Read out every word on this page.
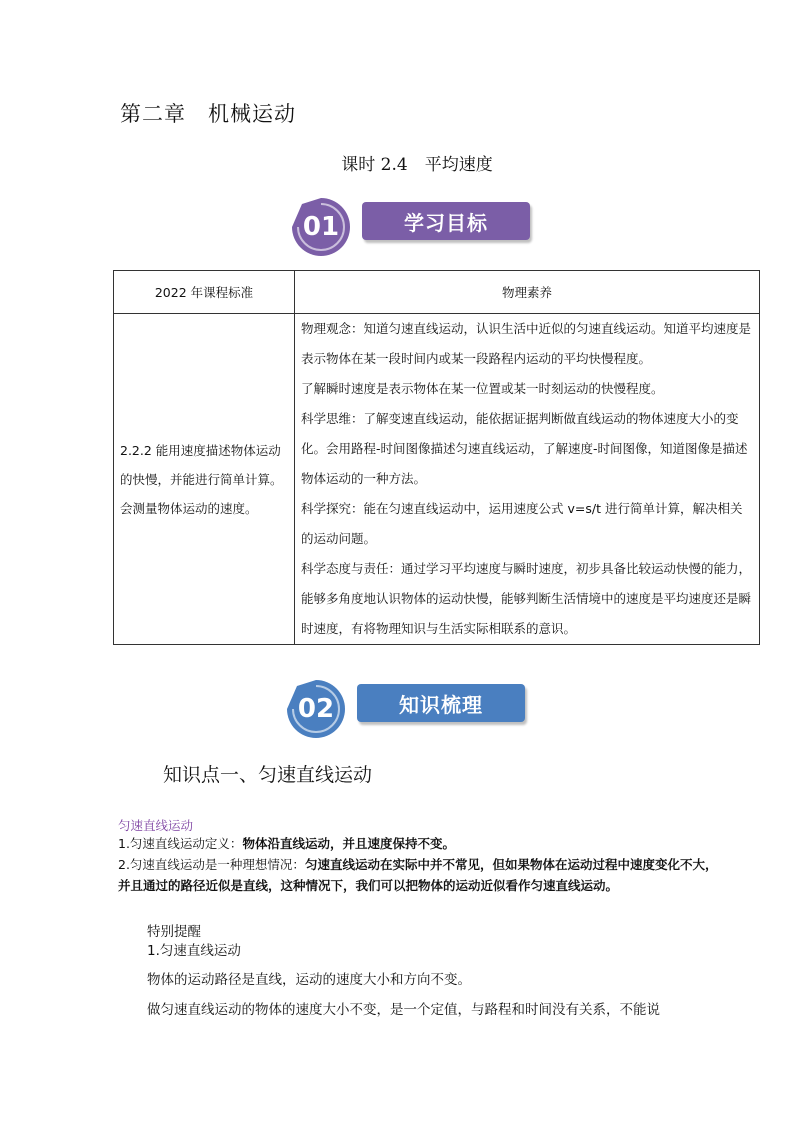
第二章　机械运动
课时 2.4　平均速度
01	学习目标
2022 年课程标准	物理素养
2.2.2 能用速度描述物体运动的快慢，并能进行简单计算。会测量物体运动的速度。	物理观念：知道匀速直线运动，认识生活中近似的匀速直线运动。知道平均速度是表示物体在某一段时间内或某一段路程内运动的平均快慢程度。

了解瞬时速度是表示物体在某一位置或某一时刻运动的快慢程度。

科学思维：了解变速直线运动，能依据证据判断做直线运动的物体速度大小的变化。会用路程-时间图像描述匀速直线运动，了解速度-时间图像，知道图像是描述物体运动的一种方法。

科学探究：能在匀速直线运动中，运用速度公式 v=s/t 进行简单计算，解决相关的运动问题。

科学态度与责任：通过学习平均速度与瞬时速度，初步具备比较运动快慢的能力，能够多角度地认识物体的运动快慢，能够判断生活情境中的速度是平均速度还是瞬时速度，有将物理知识与生活实际相联系的意识。

02	知识梳理
知识点一、匀速直线运动
匀速直线运动
1.匀速直线运动定义：物体沿直线运动，并且速度保持不变。
2.匀速直线运动是一种理想情况：匀速直线运动在实际中并不常见，但如果物体在运动过程中速度变化不大，并且通过的路径近似是直线，这种情况下，我们可以把物体的运动近似看作匀速直线运动。
特别提醒
1.匀速直线运动
物体的运动路径是直线，运动的速度大小和方向不变。
做匀速直线运动的物体的速度大小不变，是一个定值，与路程和时间没有关系，不能说
